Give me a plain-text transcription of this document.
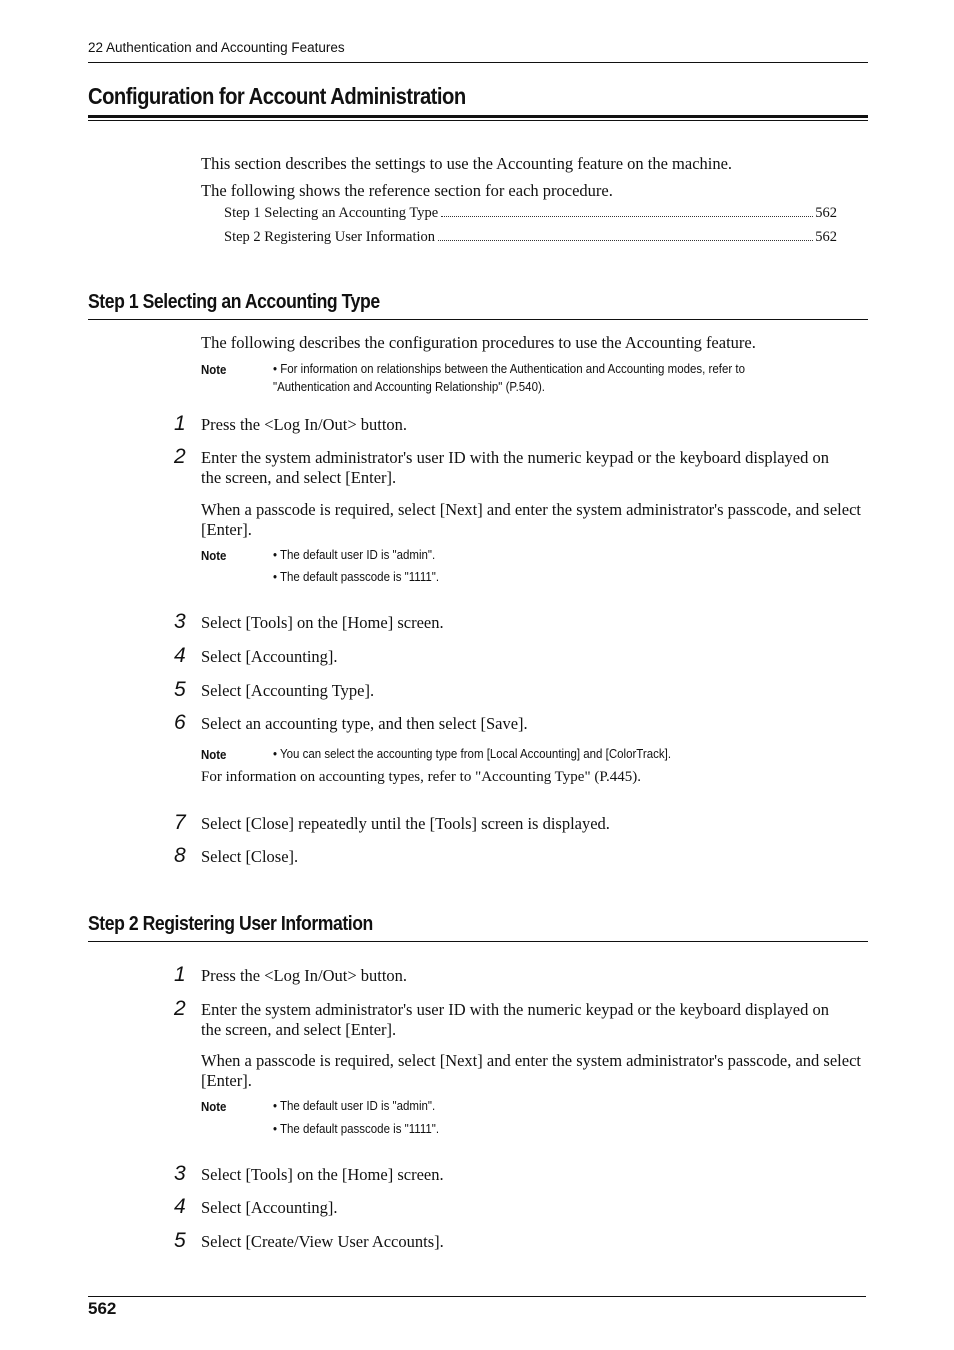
22 Authentication and Accounting Features
Configuration for Account Administration
This section describes the settings to use the Accounting feature on the machine.
The following shows the reference section for each procedure.
Step 1 Selecting an Accounting Type	562
Step 2 Registering User Information	562
Step 1 Selecting an Accounting Type
The following describes the configuration procedures to use the Accounting feature.
Note	• For information on relationships between the Authentication and Accounting modes, refer to "Authentication and Accounting Relationship" (P.540).
1 Press the <Log In/Out> button.
2 Enter the system administrator's user ID with the numeric keypad or the keyboard displayed on the screen, and select [Enter].
When a passcode is required, select [Next] and enter the system administrator's passcode, and select [Enter].
Note	• The default user ID is "admin".
• The default passcode is "1111".
3 Select [Tools] on the [Home] screen.
4 Select [Accounting].
5 Select [Accounting Type].
6 Select an accounting type, and then select [Save].
Note	• You can select the accounting type from [Local Accounting] and [ColorTrack].
For information on accounting types, refer to "Accounting Type" (P.445).
7 Select [Close] repeatedly until the [Tools] screen is displayed.
8 Select [Close].
Step 2 Registering User Information
1 Press the <Log In/Out> button.
2 Enter the system administrator's user ID with the numeric keypad or the keyboard displayed on the screen, and select [Enter].
When a passcode is required, select [Next] and enter the system administrator's passcode, and select [Enter].
Note	• The default user ID is "admin".
• The default passcode is "1111".
3 Select [Tools] on the [Home] screen.
4 Select [Accounting].
5 Select [Create/View User Accounts].
562
